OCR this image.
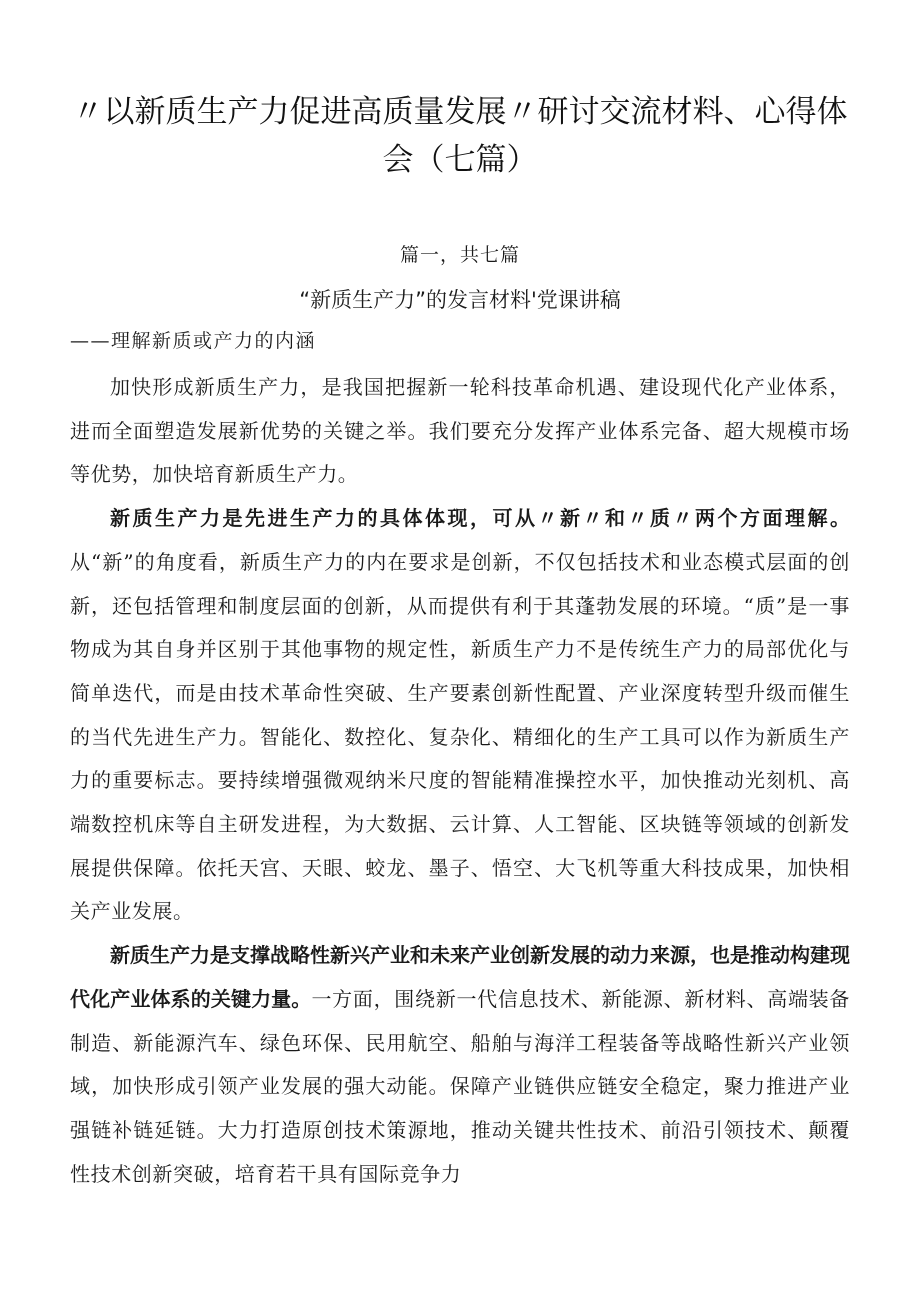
〃以新质生产力促进高质量发展〃研讨交流材料、心得体会（七篇）
篇一，共七篇
“新质生产力”的发言材料'党课讲稿
——理解新质或产力的内涵

加快形成新质生产力，是我国把握新一轮科技革命机遇、建设现代化产业体系，进而全面塑造发展新优势的关键之举。我们要充分发挥产业体系完备、超大规模市场等优势，加快培育新质生产力。

新质生产力是先进生产力的具体体现，可从〃新〃和〃质〃两个方面理解。从“新”的角度看，新质生产力的内在要求是创新，不仅包括技术和业态模式层面的创新，还包括管理和制度层面的创新，从而提供有利于其蓬勃发展的环境。“质”是一事物成为其自身并区别于其他事物的规定性，新质生产力不是传统生产力的局部优化与简单迭代，而是由技术革命性突破、生产要素创新性配置、产业深度转型升级而催生的当代先进生产力。智能化、数控化、复杂化、精细化的生产工具可以作为新质生产力的重要标志。要持续增强微观纳米尺度的智能精准操控水平，加快推动光刻机、高端数控机床等自主研发进程，为大数据、云计算、人工智能、区块链等领域的创新发展提供保障。依托天宫、天眼、蛟龙、墨子、悟空、大飞机等重大科技成果，加快相关产业发展。

新质生产力是支撑战略性新兴产业和未来产业创新发展的动力来源，也是推动构建现代化产业体系的关键力量。一方面，围绕新一代信息技术、新能源、新材料、高端装备制造、新能源汽车、绿色环保、民用航空、船舶与海洋工程装备等战略性新兴产业领域，加快形成引领产业发展的强大动能。保障产业链供应链安全稳定，聚力推进产业强链补链延链。大力打造原创技术策源地，推动关键共性技术、前沿引领技术、颠覆性技术创新突破，培育若干具有国际竞争力
